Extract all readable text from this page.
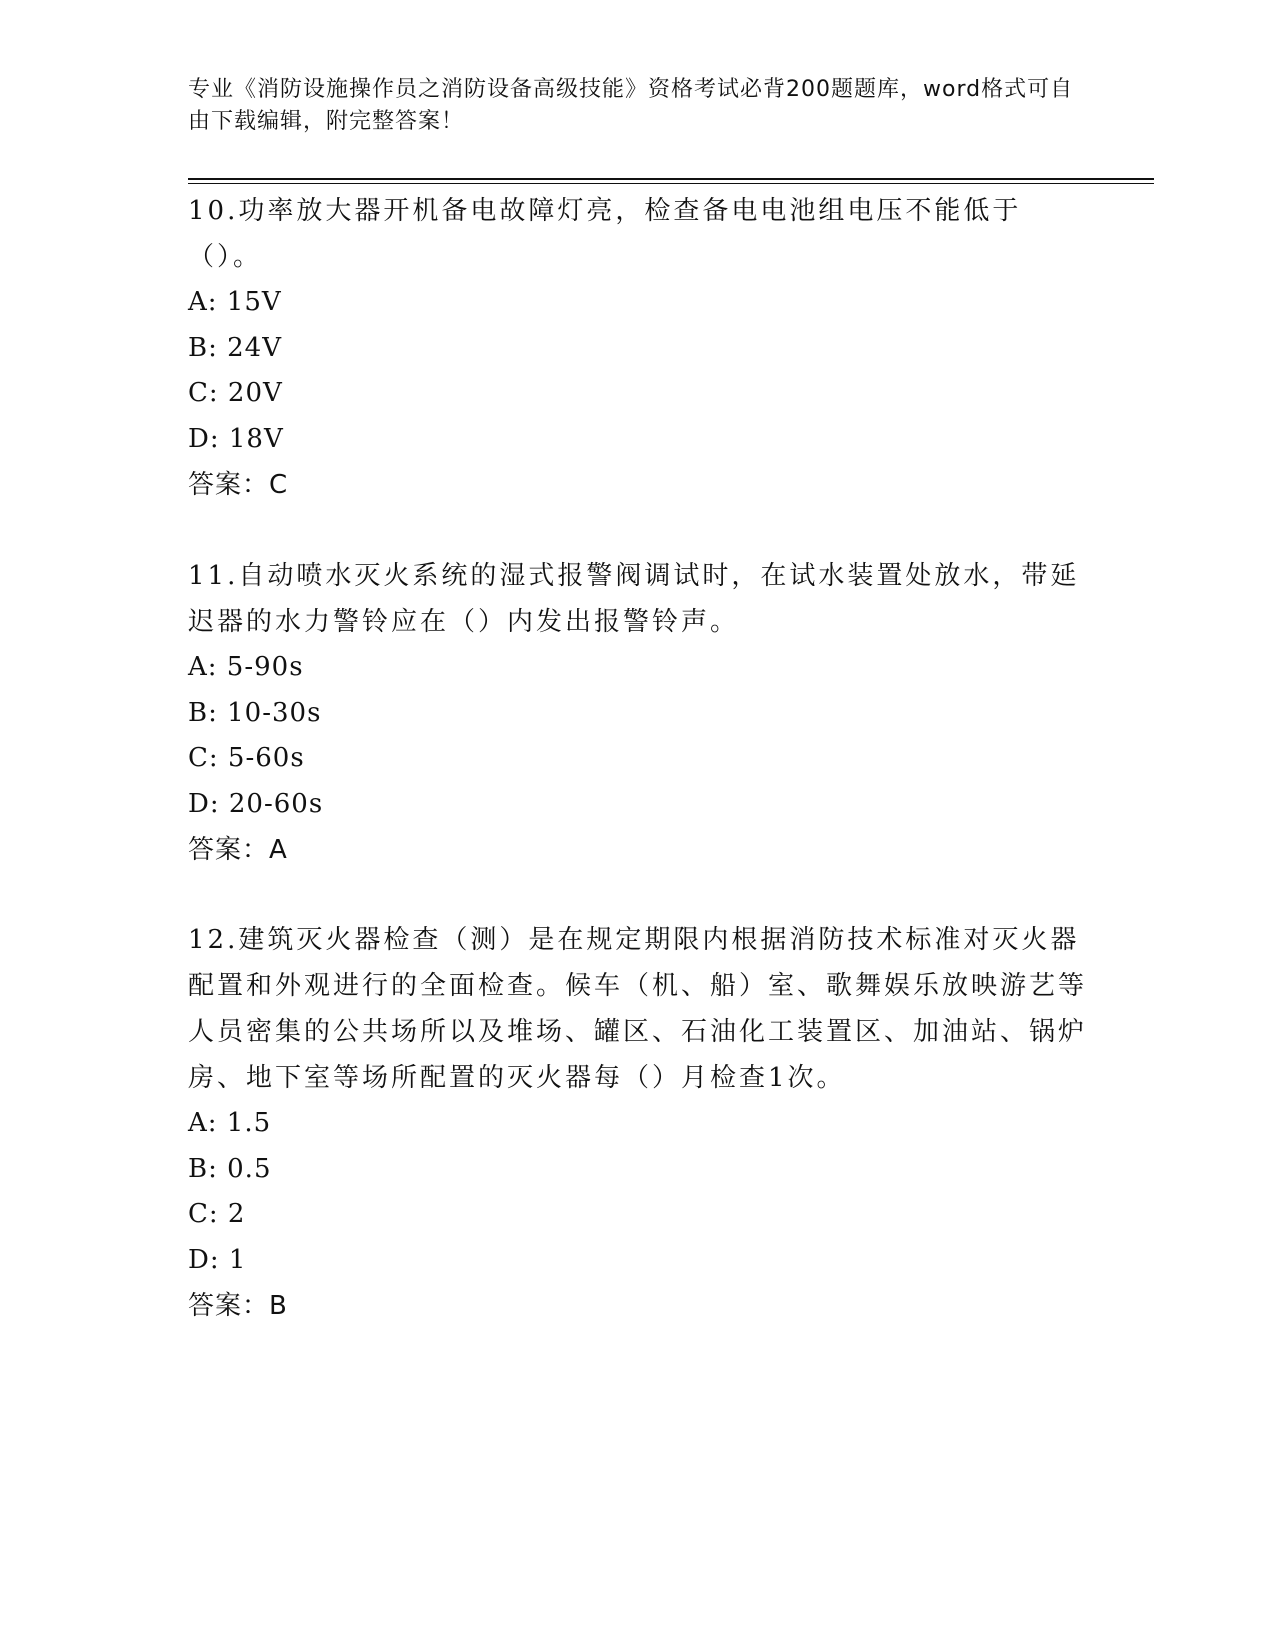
专业《消防设施操作员之消防设备高级技能》资格考试必背200题题库，word格式可自由下载编辑，附完整答案！

10.功率放大器开机备电故障灯亮，检查备电电池组电压不能低于（）。

A: 15V

B: 24V

C: 20V

D: 18V

答案：C

11.自动喷水灭火系统的湿式报警阀调试时，在试水装置处放水，带延迟器的水力警铃应在（）内发出报警铃声。

A: 5-90s

B: 10-30s

C: 5-60s

D: 20-60s

答案：A

12.建筑灭火器检查（测）是在规定期限内根据消防技术标准对灭火器配置和外观进行的全面检查。候车（机、船）室、歌舞娱乐放映游艺等人员密集的公共场所以及堆场、罐区、石油化工装置区、加油站、锅炉房、地下室等场所配置的灭火器每（）月检查1次。

A: 1.5

B: 0.5

C: 2

D: 1

答案：B
